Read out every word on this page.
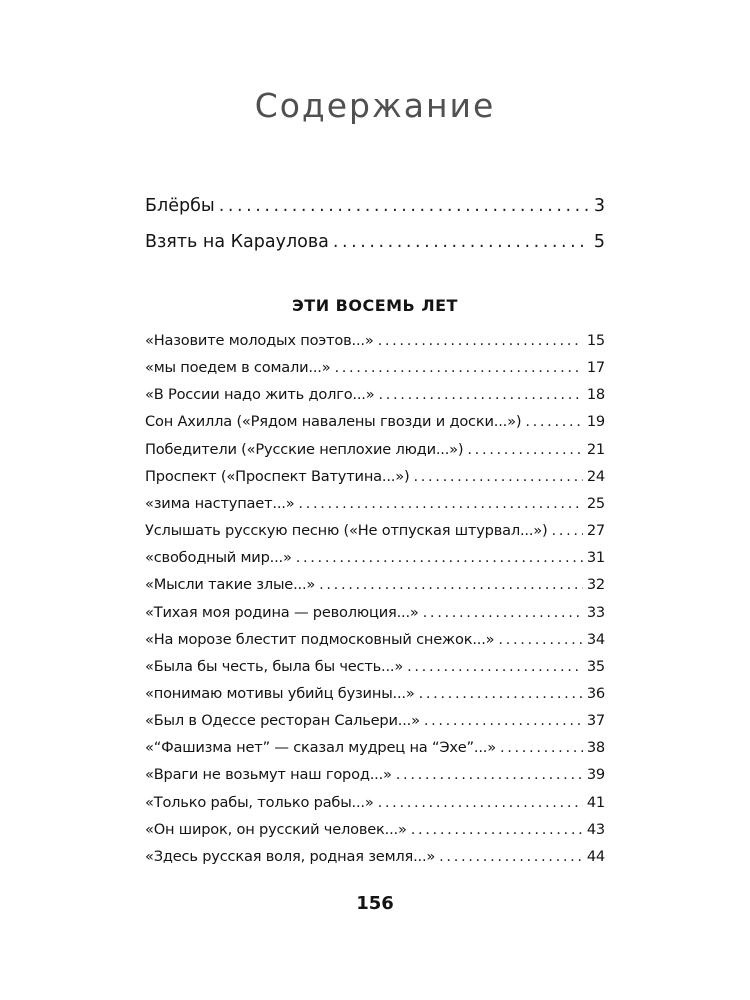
Содержание
Блёрбы . . .	3
Взять на Караулова . . .	5
ЭТИ ВОСЕМЬ ЛЕТ
«Назовите молодых поэтов...» . . .	15
«мы поедем в сомали...» . . .	17
«В России надо жить долго...» . . .	18
Сон Ахилла («Рядом навалены гвозди и доски...») . . .	19
Победители («Русские неплохие люди...») . . .	21
Проспект («Проспект Ватутина...») . . .	24
«зима наступает...» . . .	25
Услышать русскую песню («Не отпуская штурвал...») . . .	27
«свободный мир...» . . .	31
«Мысли такие злые...» . . .	32
«Тихая моя родина — революция...» . . .	33
«На морозе блестит подмосковный снежок...» . . .	34
«Была бы честь, была бы честь...» . . .	35
«понимаю мотивы убийц бузины...» . . .	36
«Был в Одессе ресторан Сальери...» . . .	37
«“Фашизма нет” — сказал мудрец на “Эхе”...» . . .	38
«Враги не возьмут наш город...» . . .	39
«Только рабы, только рабы...» . . .	41
«Он широк, он русский человек...» . . .	43
«Здесь русская воля, родная земля...» . . .	44
156
